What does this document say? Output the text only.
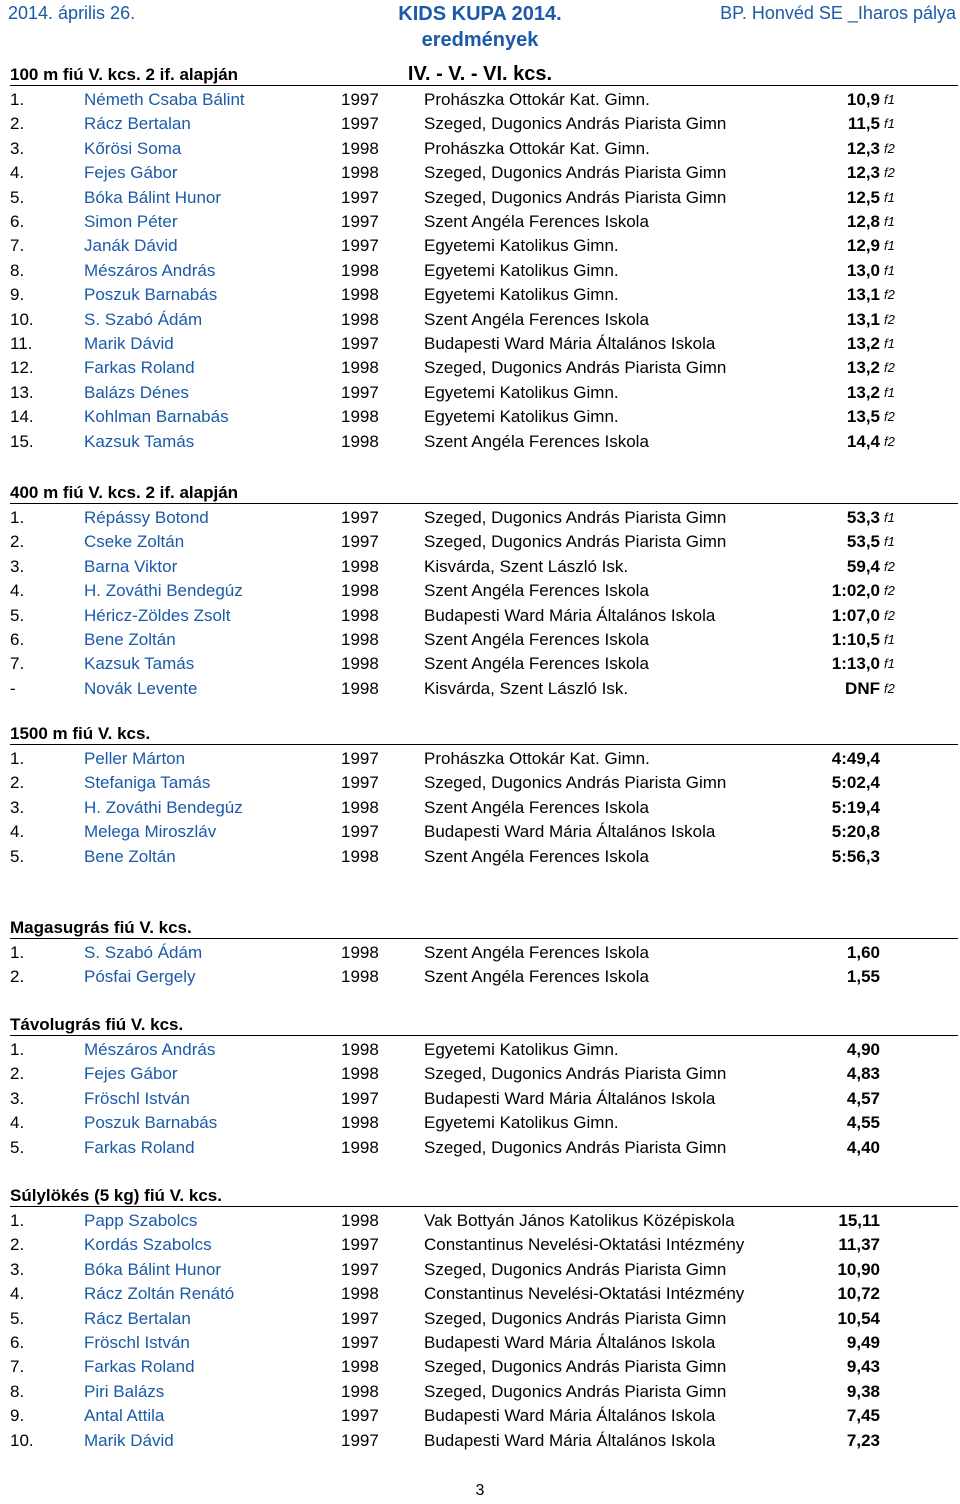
2014. április 26.	KIDS KUPA 2014.
eredmények
IV. - V. - VI. kcs.
BP. Honvéd SE _Iharos pálya
100 m fiú V. kcs. 2 if. alapján
1.	Németh Csaba Bálint	1997	Prohászka Ottokár Kat. Gimn.	10,9 f1
2.	Rácz Bertalan	1997	Szeged, Dugonics András Piarista Gimn	11,5 f1
3.	Kőrösi Soma	1998	Prohászka Ottokár Kat. Gimn.	12,3 f2
4.	Fejes Gábor	1998	Szeged, Dugonics András Piarista Gimn	12,3 f2
5.	Bóka Bálint Hunor	1997	Szeged, Dugonics András Piarista Gimn	12,5 f1
6.	Simon Péter	1997	Szent Angéla Ferences Iskola	12,8 f1
7.	Janák Dávid	1997	Egyetemi Katolikus Gimn.	12,9 f1
8.	Mészáros András	1998	Egyetemi Katolikus Gimn.	13,0 f1
9.	Poszuk Barnabás	1998	Egyetemi Katolikus Gimn.	13,1 f2
10.	S. Szabó Ádám	1998	Szent Angéla Ferences Iskola	13,1 f2
11.	Marik Dávid	1997	Budapesti Ward Mária Általános Iskola	13,2 f1
12.	Farkas Roland	1998	Szeged, Dugonics András Piarista Gimn	13,2 f2
13.	Balázs Dénes	1997	Egyetemi Katolikus Gimn.	13,2 f1
14.	Kohlman Barnabás	1998	Egyetemi Katolikus Gimn.	13,5 f2
15.	Kazsuk Tamás	1998	Szent Angéla Ferences Iskola	14,4 f2
400 m fiú V. kcs. 2 if. alapján
1.	Répássy Botond	1997	Szeged, Dugonics András Piarista Gimn	53,3 f1
2.	Cseke Zoltán	1997	Szeged, Dugonics András Piarista Gimn	53,5 f1
3.	Barna Viktor	1998	Kisvárda, Szent László Isk.	59,4 f2
4.	H. Zováthi Bendegúz	1998	Szent Angéla Ferences Iskola	1:02,0 f2
5.	Héricz-Zöldes Zsolt	1998	Budapesti Ward Mária Általános Iskola	1:07,0 f2
6.	Bene Zoltán	1998	Szent Angéla Ferences Iskola	1:10,5 f1
7.	Kazsuk Tamás	1998	Szent Angéla Ferences Iskola	1:13,0 f1
-	Novák Levente	1998	Kisvárda, Szent László Isk.	DNF f2
1500 m fiú V. kcs.
1.	Peller Márton	1997	Prohászka Ottokár Kat. Gimn.	4:49,4
2.	Stefaniga Tamás	1997	Szeged, Dugonics András Piarista Gimn	5:02,4
3.	H. Zováthi Bendegúz	1998	Szent Angéla Ferences Iskola	5:19,4
4.	Melega Miroszláv	1997	Budapesti Ward Mária Általános Iskola	5:20,8
5.	Bene Zoltán	1998	Szent Angéla Ferences Iskola	5:56,3
Magasugrás fiú V. kcs.
1.	S. Szabó Ádám	1998	Szent Angéla Ferences Iskola	1,60
2.	Pósfai Gergely	1998	Szent Angéla Ferences Iskola	1,55
Távolugrás fiú V. kcs.
1.	Mészáros András	1998	Egyetemi Katolikus Gimn.	4,90
2.	Fejes Gábor	1998	Szeged, Dugonics András Piarista Gimn	4,83
3.	Fröschl István	1997	Budapesti Ward Mária Általános Iskola	4,57
4.	Poszuk Barnabás	1998	Egyetemi Katolikus Gimn.	4,55
5.	Farkas Roland	1998	Szeged, Dugonics András Piarista Gimn	4,40
Súlylökés (5 kg) fiú V. kcs.
1.	Papp Szabolcs	1998	Vak Bottyán János Katolikus Középiskola	15,11
2.	Kordás Szabolcs	1997	Constantinus Nevelési-Oktatási Intézmény	11,37
3.	Bóka Bálint Hunor	1997	Szeged, Dugonics András Piarista Gimn	10,90
4.	Rácz Zoltán Renátó	1998	Constantinus Nevelési-Oktatási Intézmény	10,72
5.	Rácz Bertalan	1997	Szeged, Dugonics András Piarista Gimn	10,54
6.	Fröschl István	1997	Budapesti Ward Mária Általános Iskola	9,49
7.	Farkas Roland	1998	Szeged, Dugonics András Piarista Gimn	9,43
8.	Piri Balázs	1998	Szeged, Dugonics András Piarista Gimn	9,38
9.	Antal Attila	1997	Budapesti Ward Mária Általános Iskola	7,45
10.	Marik Dávid	1997	Budapesti Ward Mária Általános Iskola	7,23
3
